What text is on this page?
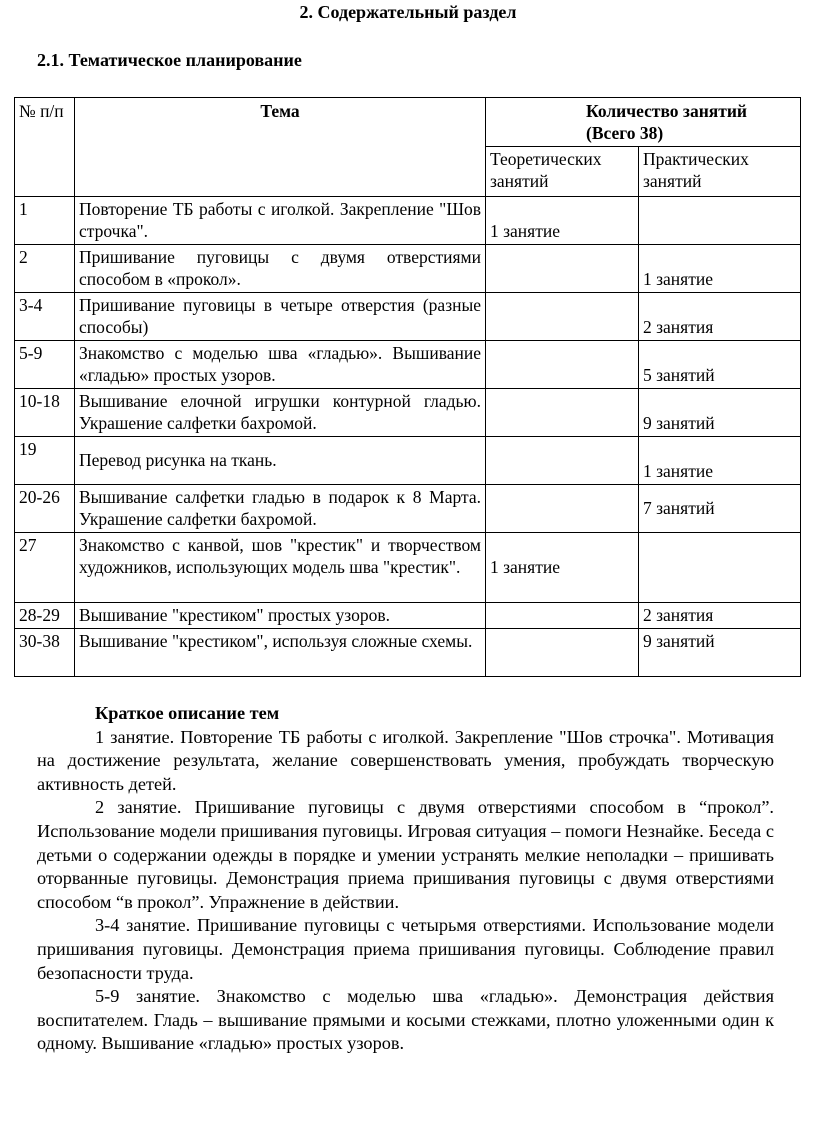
2. Содержательный раздел
2.1. Тематическое планирование
№ п/п	Тема	Количество занятий (Всего 38)	
		Теоретических занятий	Практических занятий
1	Повторение ТБ работы с иголкой. Закрепление "Шов строчка".	1 занятие	
2	Пришивание пуговицы с двумя отверстиями способом в «прокол».		1 занятие
3-4	Пришивание пуговицы в четыре отверстия (разные способы)		2 занятия
5-9	Знакомство с моделью шва «гладью». Вышивание «гладью» простых узоров.		5 занятий
10-18	Вышивание елочной игрушки контурной гладью. Украшение салфетки бахромой.		9 занятий
19	Перевод рисунка на ткань.		1 занятие
20-26	Вышивание салфетки гладью в подарок к 8 Марта. Украшение салфетки бахромой.		7 занятий
27	Знакомство с канвой, шов "крестик" и творчеством художников, использующих модель шва "крестик".	1 занятие	
28-29	Вышивание "крестиком" простых узоров.		2 занятия
30-38	Вышивание "крестиком", используя сложные схемы.		9 занятий
Краткое описание тем

1 занятие. Повторение ТБ работы с иголкой. Закрепление "Шов строчка". Мотивация на достижение результата, желание совершенствовать умения, пробуждать творческую активность детей.

2 занятие. Пришивание пуговицы с двумя отверстиями способом в “прокол”. Использование модели пришивания пуговицы. Игровая ситуация – помоги Незнайке. Беседа с детьми о содержании одежды в порядке и умении устранять мелкие неполадки – пришивать оторванные пуговицы. Демонстрация приема пришивания пуговицы с двумя отверстиями способом “в прокол”. Упражнение в действии.

3-4 занятие. Пришивание пуговицы с четырьмя отверстиями. Использование модели пришивания пуговицы. Демонстрация приема пришивания пуговицы. Соблюдение правил безопасности труда.

5-9 занятие. Знакомство с моделью шва «гладью». Демонстрация действия воспитателем. Гладь – вышивание прямыми и косыми стежками, плотно уложенными один к одному. Вышивание «гладью» простых узоров.
